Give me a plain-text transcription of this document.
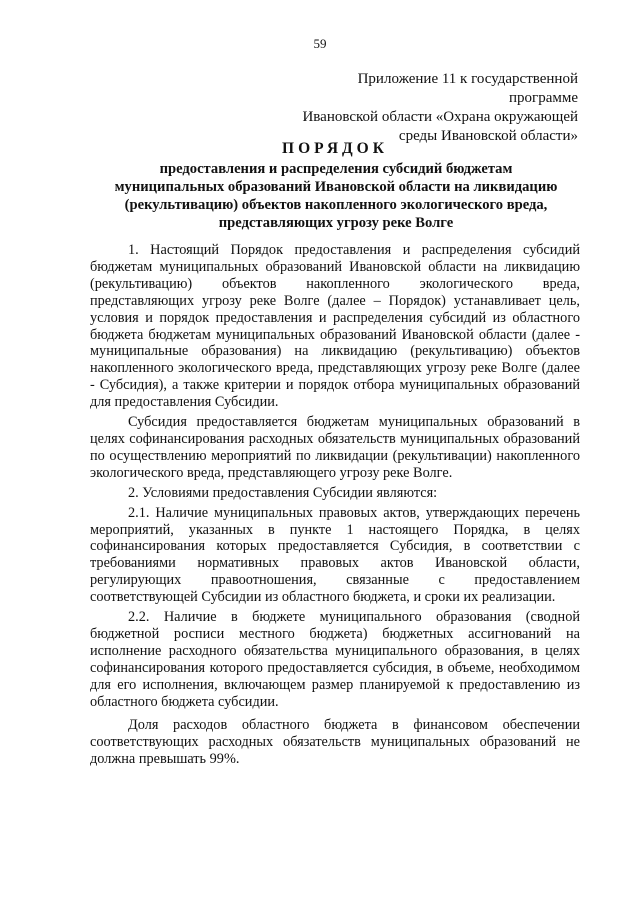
59
Приложение 11 к государственной программе
Ивановской области «Охрана окружающей
среды Ивановской области»
ПОРЯДОК
предоставления и распределения субсидий бюджетам
муниципальных образований Ивановской области на ликвидацию
(рекультивацию) объектов накопленного экологического вреда,
представляющих угрозу реке Волге

1. Настоящий Порядок предоставления и распределения субсидий бюджетам муниципальных образований Ивановской области на ликвидацию (рекультивацию) объектов накопленного экологического вреда, представляющих угрозу реке Волге (далее – Порядок) устанавливает цель, условия и порядок предоставления и распределения субсидий из областного бюджета бюджетам муниципальных образований Ивановской области (далее - муниципальные образования) на ликвидацию (рекультивацию) объектов накопленного экологического вреда, представляющих угрозу реке Волге (далее - Субсидия), а также критерии и порядок отбора муниципальных образований для предоставления Субсидии.

Субсидия предоставляется бюджетам муниципальных образований в целях софинансирования расходных обязательств муниципальных образований по осуществлению мероприятий по ликвидации (рекультивации) накопленного экологического вреда, представляющего угрозу реке Волге.

2. Условиями предоставления Субсидии являются:

2.1. Наличие муниципальных правовых актов, утверждающих перечень мероприятий, указанных в пункте 1 настоящего Порядка, в целях софинансирования которых предоставляется Субсидия, в соответствии с требованиями нормативных правовых актов Ивановской области, регулирующих правоотношения, связанные с предоставлением соответствующей Субсидии из областного бюджета, и сроки их реализации.

2.2. Наличие в бюджете муниципального образования (сводной бюджетной росписи местного бюджета) бюджетных ассигнований на исполнение расходного обязательства муниципального образования, в целях софинансирования которого предоставляется субсидия, в объеме, необходимом для его исполнения, включающем размер планируемой к предоставлению из областного бюджета субсидии.

Доля расходов областного бюджета в финансовом обеспечении соответствующих расходных обязательств муниципальных образований не должна превышать 99%.
